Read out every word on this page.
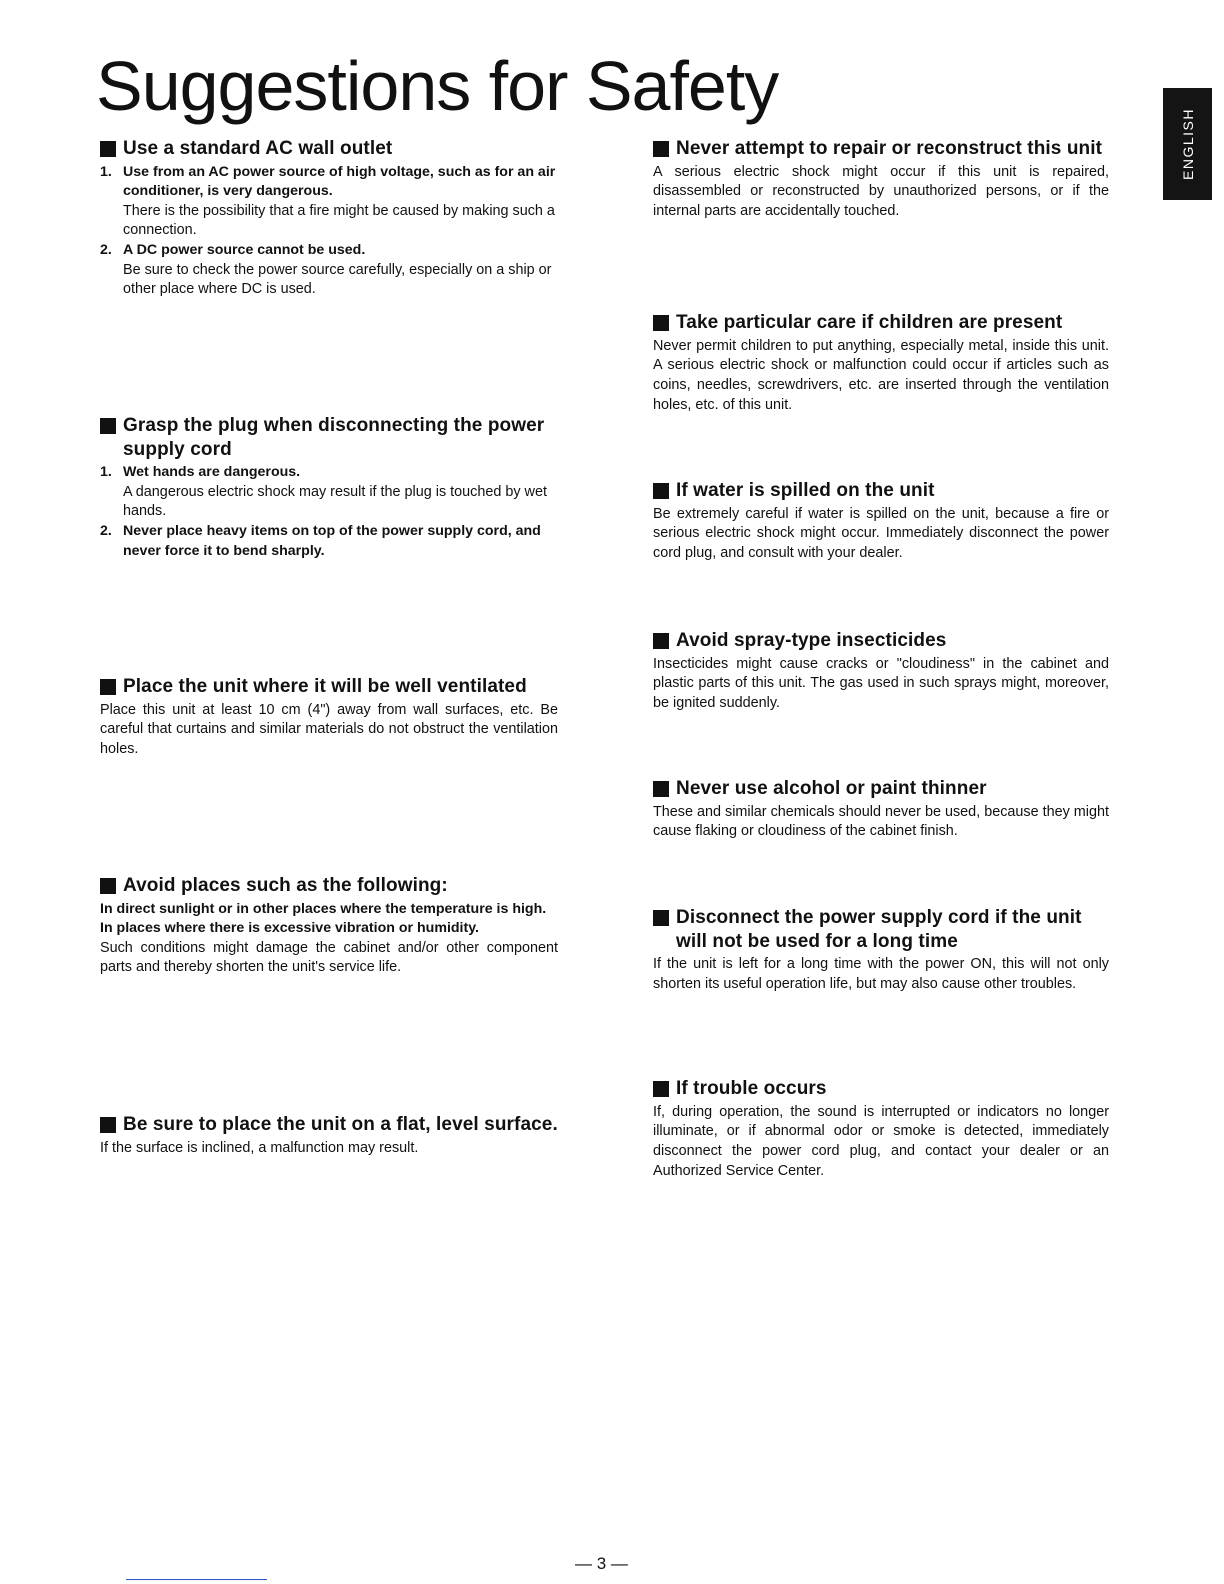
Suggestions for Safety
ENGLISH
Use a standard AC wall outlet
1. Use from an AC power source of high voltage, such as for an air conditioner, is very dangerous.

There is the possibility that a fire might be caused by making such a connection.

2. A DC power source cannot be used.

Be sure to check the power source carefully, especially on a ship or other place where DC is used.

Grasp the plug when disconnecting the power supply cord
1. Wet hands are dangerous.

A dangerous electric shock may result if the plug is touched by wet hands.

2. Never place heavy items on top of the power supply cord, and never force it to bend sharply.

Place the unit where it will be well ventilated

Place this unit at least 10 cm (4") away from wall surfaces, etc. Be careful that curtains and similar materials do not obstruct the ventilation holes.

Avoid places such as the following:

In direct sunlight or in other places where the temperature is high.

In places where there is excessive vibration or humidity.

Such conditions might damage the cabinet and/or other component parts and thereby shorten the unit's service life.

Be sure to place the unit on a flat, level surface.

If the surface is inclined, a malfunction may result.

Never attempt to repair or reconstruct this unit

A serious electric shock might occur if this unit is repaired, disassembled or reconstructed by unauthorized persons, or if the internal parts are accidentally touched.

Take particular care if children are present

Never permit children to put anything, especially metal, inside this unit. A serious electric shock or malfunction could occur if articles such as coins, needles, screwdrivers, etc. are inserted through the ventilation holes, etc. of this unit.

If water is spilled on the unit

Be extremely careful if water is spilled on the unit, because a fire or serious electric shock might occur. Immediately disconnect the power cord plug, and consult with your dealer.

Avoid spray-type insecticides

Insecticides might cause cracks or "cloudiness" in the cabinet and plastic parts of this unit. The gas used in such sprays might, moreover, be ignited suddenly.

Never use alcohol or paint thinner

These and similar chemicals should never be used, because they might cause flaking or cloudiness of the cabinet finish.

Disconnect the power supply cord if the unit will not be used for a long time

If the unit is left for a long time with the power ON, this will not only shorten its useful operation life, but may also cause other troubles.

If trouble occurs

If, during operation, the sound is interrupted or indicators no longer illuminate, or if abnormal odor or smoke is detected, immediately disconnect the power cord plug, and contact your dealer or an Authorized Service Center.

— 3 —
